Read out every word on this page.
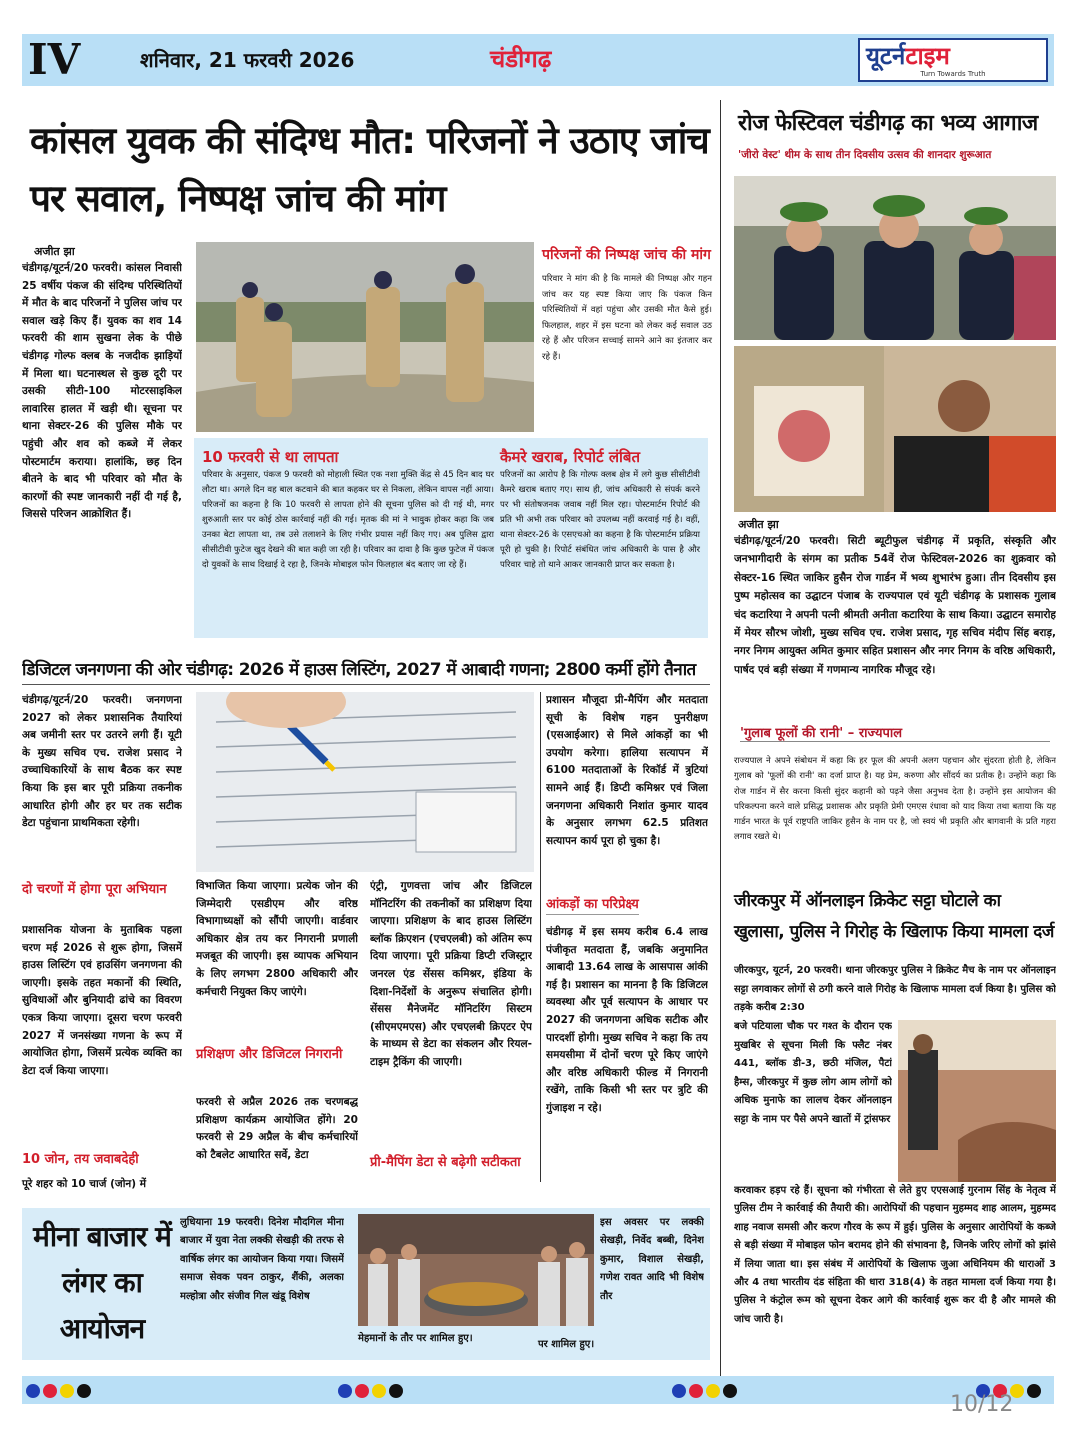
IV	शनिवार, 21 फरवरी 2026	चंडीगढ़	यूटर्नटाइम
Turn Towards Truth
कांसल युवक की संदिग्ध मौत: परिजनों ने उठाए जांच पर सवाल, निष्पक्ष जांच की मांग
अजीत झा
चंडीगढ़/यूटर्न/20 फरवरी। कांसल निवासी 25 वर्षीय पंकज की संदिग्ध परिस्थितियों में मौत के बाद परिजनों ने पुलिस जांच पर सवाल खड़े किए हैं। युवक का शव 14 फरवरी की शाम सुखना लेक के पीछे चंडीगढ़ गोल्फ क्लब के नजदीक झाड़ियों में मिला था। घटनास्थल से कुछ दूरी पर उसकी सीटी-100 मोटरसाइकिल लावारिस हालत में खड़ी थी। सूचना पर थाना सेक्टर-26 की पुलिस मौके पर पहुंची और शव को कब्जे में लेकर पोस्टमार्टम कराया। हालांकि, छह दिन बीतने के बाद भी परिवार को मौत के कारणों की स्पष्ट जानकारी नहीं दी गई है, जिससे परिजन आक्रोशित हैं।
परिजनों की निष्पक्ष जांच की मांग
परिवार ने मांग की है कि मामले की निष्पक्ष और गहन जांच कर यह स्पष्ट किया जाए कि पंकज किन परिस्थितियों में वहां पहुंचा और उसकी मौत कैसे हुई। फिलहाल, शहर में इस घटना को लेकर कई सवाल उठ रहे हैं और परिजन सच्चाई सामने आने का इंतजार कर रहे हैं।
10 फरवरी से था लापता
परिवार के अनुसार, पंकज 9 फरवरी को मोहाली स्थित एक नशा मुक्ति केंद्र से 45 दिन बाद घर लौटा था। अगले दिन वह बाल कटवाने की बात कहकर घर से निकला, लेकिन वापस नहीं आया। परिजनों का कहना है कि 10 फरवरी से लापता होने की सूचना पुलिस को दी गई थी, मगर शुरुआती स्तर पर कोई ठोस कार्रवाई नहीं की गई। मृतक की मां ने भावुक होकर कहा कि जब उनका बेटा लापता था, तब उसे तलाशने के लिए गंभीर प्रयास नहीं किए गए। अब पुलिस द्वारा सीसीटीवी फुटेज खुद देखने की बात कही जा रही है। परिवार का दावा है कि कुछ फुटेज में पंकज दो युवकों के साथ दिखाई दे रहा है, जिनके मोबाइल फोन फिलहाल बंद बताए जा रहे हैं।
कैमरे खराब, रिपोर्ट लंबित
परिजनों का आरोप है कि गोल्फ क्लब क्षेत्र में लगे कुछ सीसीटीवी कैमरे खराब बताए गए। साथ ही, जांच अधिकारी से संपर्क करने पर भी संतोषजनक जवाब नहीं मिल रहा। पोस्टमार्टम रिपोर्ट की प्रति भी अभी तक परिवार को उपलब्ध नहीं करवाई गई है। वहीं, थाना सेक्टर-26 के एसएचओ का कहना है कि पोस्टमार्टम प्रक्रिया पूरी हो चुकी है। रिपोर्ट संबंधित जांच अधिकारी के पास है और परिवार चाहे तो थाने आकर जानकारी प्राप्त कर सकता है।
रोज फेस्टिवल चंडीगढ़ का भव्य आगाज
'जीरो वेस्ट' थीम के साथ तीन दिवसीय उत्सव की शानदार शुरूआत
अजीत झा
चंडीगढ़/यूटर्न/20 फरवरी। सिटी ब्यूटीफुल चंडीगढ़ में प्रकृति, संस्कृति और जनभागीदारी के संगम का प्रतीक 54वें रोज फेस्टिवल-2026 का शुक्रवार को सेक्टर-16 स्थित जाकिर हुसैन रोज गार्डन में भव्य शुभारंभ हुआ। तीन दिवसीय इस पुष्प महोत्सव का उद्घाटन पंजाब के राज्यपाल एवं यूटी चंडीगढ़ के प्रशासक गुलाब चंद कटारिया ने अपनी पत्नी श्रीमती अनीता कटारिया के साथ किया। उद्घाटन समारोह में मेयर सौरभ जोशी, मुख्य सचिव एच. राजेश प्रसाद, गृह सचिव मंदीप सिंह बराड़, नगर निगम आयुक्त अमित कुमार सहित प्रशासन और नगर निगम के वरिष्ठ अधिकारी, पार्षद एवं बड़ी संख्या में गणमान्य नागरिक मौजूद रहे।
'गुलाब फूलों की रानी' – राज्यपाल
राज्यपाल ने अपने संबोधन में कहा कि हर फूल की अपनी अलग पहचान और सुंदरता होती है, लेकिन गुलाब को 'फूलों की रानी' का दर्जा प्राप्त है। यह प्रेम, करुणा और सौंदर्य का प्रतीक है। उन्होंने कहा कि रोज गार्डन में सैर करना किसी सुंदर कहानी को पढ़ने जैसा अनुभव देता है। उन्होंने इस आयोजन की परिकल्पना करने वाले प्रसिद्ध प्रशासक और प्रकृति प्रेमी एमएस रंधावा को याद किया तथा बताया कि यह गार्डन भारत के पूर्व राष्ट्रपति जाकिर हुसैन के नाम पर है, जो स्वयं भी प्रकृति और बागवानी के प्रति गहरा लगाव रखते थे।
जीरकपुर में ऑनलाइन क्रिकेट सट्टा घोटाले का खुलासा, पुलिस ने गिरोह के खिलाफ किया मामला दर्ज
जीरकपुर, यूटर्न, 20 फरवरी। थाना जीरकपुर पुलिस ने क्रिकेट मैच के नाम पर ऑनलाइन सट्टा लगवाकर लोगों से ठगी करने वाले गिरोह के खिलाफ मामला दर्ज किया है। पुलिस को तड़के करीब 2:30
बजे पटियाला चौक पर गश्त के दौरान एक मुखबिर से सूचना मिली कि फ्लैट नंबर 441, ब्लॉक डी-3, छठी मंजिल, पैटां हैम्स, जीरकपुर में कुछ लोग आम लोगों को अधिक मुनाफे का लालच देकर ऑनलाइन सट्टा के नाम पर पैसे अपने खातों में ट्रांसफर
करवाकर हड़प रहे हैं। सूचना को गंभीरता से लेते हुए एएसआई गुरनाम सिंह के नेतृत्व में पुलिस टीम ने कार्रवाई की तैयारी की। आरोपियों की पहचान मुहम्मद शाह आलम, मुहम्मद शाह नवाज समसी और करण गौरव के रूप में हुई। पुलिस के अनुसार आरोपियों के कब्जे से बड़ी संख्या में मोबाइल फोन बरामद होने की संभावना है, जिनके जरिए लोगों को झांसे में लिया जाता था। इस संबंध में आरोपियों के खिलाफ जुआ अधिनियम की धाराओं 3 और 4 तथा भारतीय दंड संहिता की धारा 318(4) के तहत मामला दर्ज किया गया है। पुलिस ने कंट्रोल रूम को सूचना देकर आगे की कार्रवाई शुरू कर दी है और मामले की जांच जारी है।
डिजिटल जनगणना की ओर चंडीगढ़: 2026 में हाउस लिस्टिंग, 2027 में आबादी गणना; 2800 कर्मी होंगे तैनात
चंडीगढ़/यूटर्न/20 फरवरी। जनगणना 2027 को लेकर प्रशासनिक तैयारियां अब जमीनी स्तर पर उतरने लगी हैं। यूटी के मुख्य सचिव एच. राजेश प्रसाद ने उच्चाधिकारियों के साथ बैठक कर स्पष्ट किया कि इस बार पूरी प्रक्रिया तकनीक आधारित होगी और हर घर तक सटीक डेटा पहुंचाना प्राथमिकता रहेगी।
दो चरणों में होगा पूरा अभियान
प्रशासनिक योजना के मुताबिक पहला चरण मई 2026 से शुरू होगा, जिसमें हाउस लिस्टिंग एवं हाउसिंग जनगणना की जाएगी। इसके तहत मकानों की स्थिति, सुविधाओं और बुनियादी ढांचे का विवरण एकत्र किया जाएगा। दूसरा चरण फरवरी 2027 में जनसंख्या गणना के रूप में आयोजित होगा, जिसमें प्रत्येक व्यक्ति का डेटा दर्ज किया जाएगा।
10 जोन, तय जवाबदेही
पूरे शहर को 10 चार्ज (जोन) में
विभाजित किया जाएगा। प्रत्येक जोन की जिम्मेदारी एसडीएम और वरिष्ठ विभागाध्यक्षों को सौंपी जाएगी। वार्डवार अधिकार क्षेत्र तय कर निगरानी प्रणाली मजबूत की जाएगी। इस व्यापक अभियान के लिए लगभग 2800 अधिकारी और कर्मचारी नियुक्त किए जाएंगे।
प्रशिक्षण और डिजिटल निगरानी
फरवरी से अप्रैल 2026 तक चरणबद्ध प्रशिक्षण कार्यक्रम आयोजित होंगे। 20 फरवरी से 29 अप्रैल के बीच कर्मचारियों को टैबलेट आधारित सर्वे, डेटा
एंट्री, गुणवत्ता जांच और डिजिटल मॉनिटरिंग की तकनीकों का प्रशिक्षण दिया जाएगा। प्रशिक्षण के बाद हाउस लिस्टिंग ब्लॉक क्रिएशन (एचएलबी) को अंतिम रूप दिया जाएगा। पूरी प्रक्रिया डिप्टी रजिस्ट्रार जनरल एंड सेंसस कमिश्नर, इंडिया के दिशा-निर्देशों के अनुरूप संचालित होगी। सेंसस मैनेजमेंट मॉनिटरिंग सिस्टम (सीएमएमएस) और एचएलबी क्रिएटर ऐप के माध्यम से डेटा का संकलन और रियल-टाइम ट्रैकिंग की जाएगी।
प्री-मैपिंग डेटा से बढ़ेगी सटीकता
प्रशासन मौजूदा प्री-मैपिंग और मतदाता सूची के विशेष गहन पुनरीक्षण (एसआईआर) से मिले आंकड़ों का भी उपयोग करेगा। हालिया सत्यापन में 6100 मतदाताओं के रिकॉर्ड में त्रुटियां सामने आई हैं। डिप्टी कमिश्नर एवं जिला जनगणना अधिकारी निशांत कुमार यादव के अनुसार लगभग 62.5 प्रतिशत सत्यापन कार्य पूरा हो चुका है।
आंकड़ों का परिप्रेक्ष्य
चंडीगढ़ में इस समय करीब 6.4 लाख पंजीकृत मतदाता हैं, जबकि अनुमानित आबादी 13.64 लाख के आसपास आंकी गई है। प्रशासन का मानना है कि डिजिटल व्यवस्था और पूर्व सत्यापन के आधार पर 2027 की जनगणना अधिक सटीक और पारदर्शी होगी। मुख्य सचिव ने कहा कि तय समयसीमा में दोनों चरण पूरे किए जाएंगे और वरिष्ठ अधिकारी फील्ड में निगरानी रखेंगे, ताकि किसी भी स्तर पर त्रुटि की गुंजाइश न रहे।
मीना बाजार में लंगर का आयोजन
लुधियाना 19 फरवरी। दिनेश मौदगिल मीना बाजार में युवा नेता लक्की सेखड़ी की तरफ से वार्षिक लंगर का आयोजन किया गया। जिसमें समाज सेवक पवन ठाकुर, शैंकी, अलका मल्होत्रा और संजीव गिल खंडू विशेष
मेहमानों के तौर पर शामिल हुए।
इस अवसर पर लक्की सेखड़ी, निर्वेद बब्बी, दिनेश कुमार, विशाल सेखड़ी, गणेश रावत आदि भी विशेष तौर
पर शामिल हुए।
10/12
